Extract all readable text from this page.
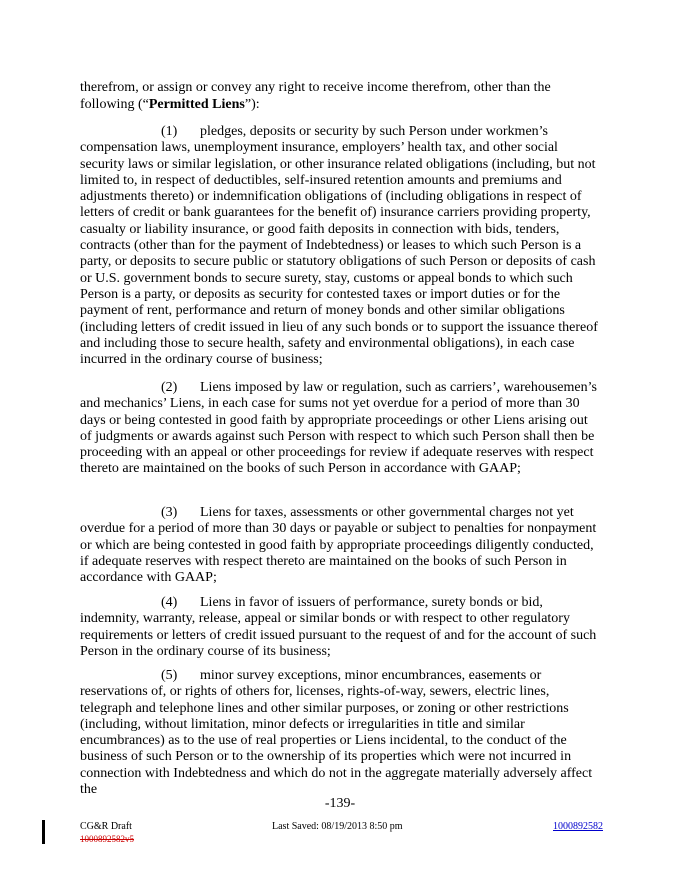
therefrom, or assign or convey any right to receive income therefrom, other than the following (“Permitted Liens”):

(1) pledges, deposits or security by such Person under workmen’s compensation laws, unemployment insurance, employers’ health tax, and other social security laws or similar legislation, or other insurance related obligations (including, but not limited to, in respect of deductibles, self-insured retention amounts and premiums and adjustments thereto) or indemnification obligations of (including obligations in respect of letters of credit or bank guarantees for the benefit of) insurance carriers providing property, casualty or liability insurance, or good faith deposits in connection with bids, tenders, contracts (other than for the payment of Indebtedness) or leases to which such Person is a party, or deposits to secure public or statutory obligations of such Person or deposits of cash or U.S. government bonds to secure surety, stay, customs or appeal bonds to which such Person is a party, or deposits as security for contested taxes or import duties or for the payment of rent, performance and return of money bonds and other similar obligations (including letters of credit issued in lieu of any such bonds or to support the issuance thereof and including those to secure health, safety and environmental obligations), in each case incurred in the ordinary course of business;

(2) Liens imposed by law or regulation, such as carriers’, warehousemen’s and mechanics’ Liens, in each case for sums not yet overdue for a period of more than 30 days or being contested in good faith by appropriate proceedings or other Liens arising out of judgments or awards against such Person with respect to which such Person shall then be proceeding with an appeal or other proceedings for review if adequate reserves with respect thereto are maintained on the books of such Person in accordance with GAAP;

(3) Liens for taxes, assessments or other governmental charges not yet overdue for a period of more than 30 days or payable or subject to penalties for nonpayment or which are being contested in good faith by appropriate proceedings diligently conducted, if adequate reserves with respect thereto are maintained on the books of such Person in accordance with GAAP;

(4) Liens in favor of issuers of performance, surety bonds or bid, indemnity, warranty, release, appeal or similar bonds or with respect to other regulatory requirements or letters of credit issued pursuant to the request of and for the account of such Person in the ordinary course of its business;

(5) minor survey exceptions, minor encumbrances, easements or reservations of, or rights of others for, licenses, rights-of-way, sewers, electric lines, telegraph and telephone lines and other similar purposes, or zoning or other restrictions (including, without limitation, minor defects or irregularities in title and similar encumbrances) as to the use of real properties or Liens incidental, to the conduct of the business of such Person or to the ownership of its properties which were not incurred in connection with Indebtedness and which do not in the aggregate materially adversely affect the

-139-

CG&R Draft
1000892582v5
Last Saved: 08/19/2013 8:50 pm	1000892582
